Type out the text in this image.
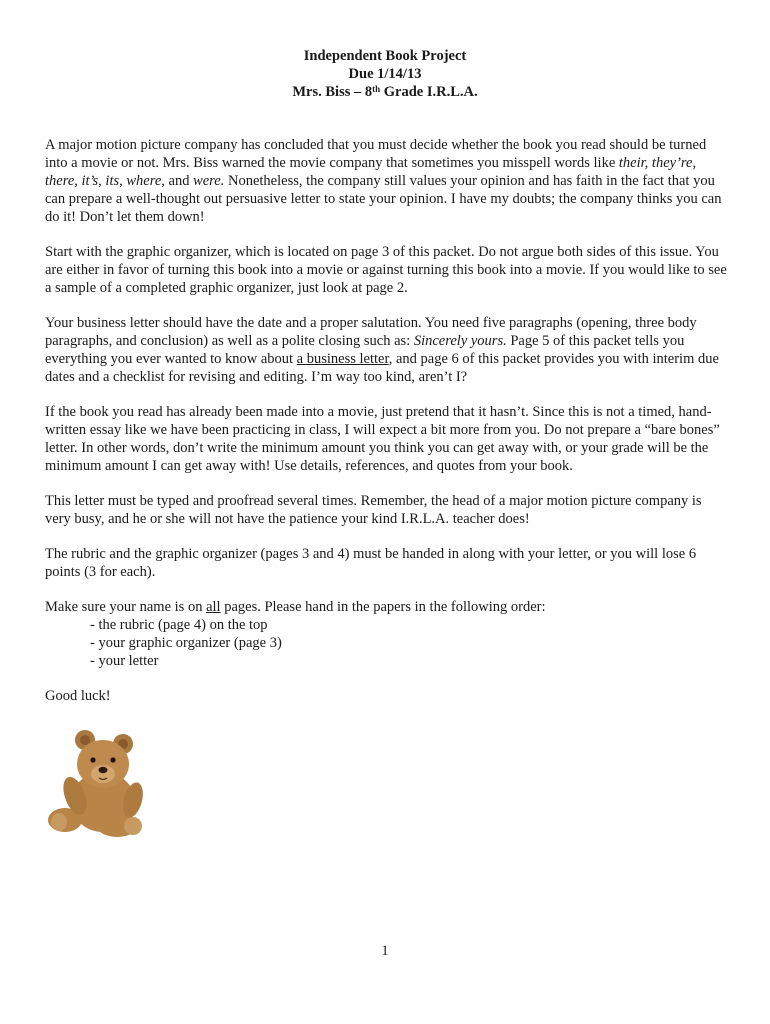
Independent Book Project
Due 1/14/13
Mrs. Biss – 8th Grade I.R.L.A.

A major motion picture company has concluded that you must decide whether the book you read should be turned into a movie or not. Mrs. Biss warned the movie company that sometimes you misspell words like their, they’re, there, it’s, its, where, and were. Nonetheless, the company still values your opinion and has faith in the fact that you can prepare a well-thought out persuasive letter to state your opinion. I have my doubts; the company thinks you can do it! Don’t let them down!

Start with the graphic organizer, which is located on page 3 of this packet. Do not argue both sides of this issue. You are either in favor of turning this book into a movie or against turning this book into a movie. If you would like to see a sample of a completed graphic organizer, just look at page 2.

Your business letter should have the date and a proper salutation. You need five paragraphs (opening, three body paragraphs, and conclusion) as well as a polite closing such as: Sincerely yours. Page 5 of this packet tells you everything you ever wanted to know about a business letter, and page 6 of this packet provides you with interim due dates and a checklist for revising and editing. I’m way too kind, aren’t I?

If the book you read has already been made into a movie, just pretend that it hasn’t. Since this is not a timed, hand-written essay like we have been practicing in class, I will expect a bit more from you. Do not prepare a “bare bones” letter. In other words, don’t write the minimum amount you think you can get away with, or your grade will be the minimum amount I can get away with! Use details, references, and quotes from your book.

This letter must be typed and proofread several times. Remember, the head of a major motion picture company is very busy, and he or she will not have the patience your kind I.R.L.A. teacher does!

The rubric and the graphic organizer (pages 3 and 4) must be handed in along with your letter, or you will lose 6 points (3 for each).

Make sure your name is on all pages. Please hand in the papers in the following order:
- the rubric (page 4) on the top
- your graphic organizer (page 3)
- your letter

Good luck!

1
